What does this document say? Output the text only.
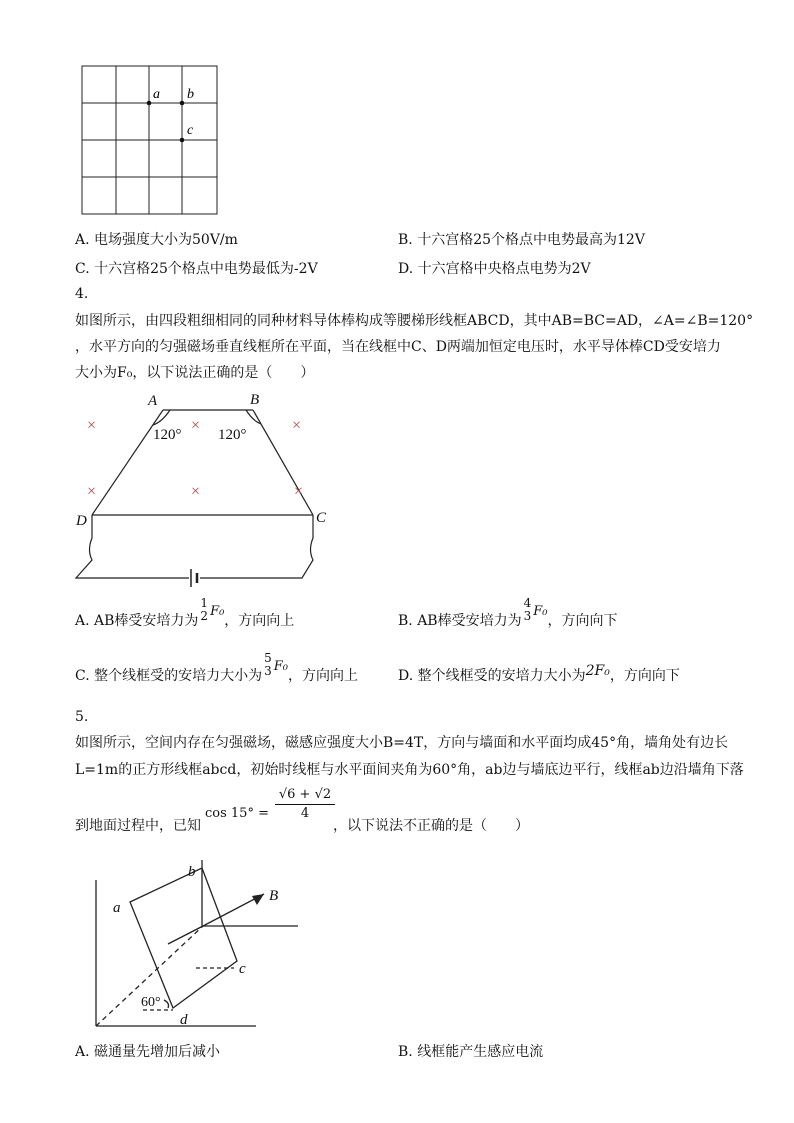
a b
c
A. 电场强度大小为50V/m	B. 十六宫格25个格点中电势最高为12V
C. 十六宫格25个格点中电势最低为-2V	D. 十六宫格中央格点电势为2V
4.
如图所示，由四段粗细相同的同种材料导体棒构成等腰梯形线框ABCD，其中AB=BC=AD，∠A=∠B=120°
，水平方向的匀强磁场垂直线框所在平面，当在线框中C、D两端加恒定电压时，水平导体棒CD受安培力
大小为F₀，以下说法正确的是（　　）
×	×	×
×	×	×
A	B
C
D
120° 120°
A. AB棒受安培力为
1
2 F₀，方向向上	B. AB棒受安培力为
4
3 F₀，方向向下
C. 整个线框受的安培力大小为
5
3 F₀，方向向上	D. 整个线框受的安培力大小为2F₀，方向向下
5.
如图所示，空间内存在匀强磁场，磁感应强度大小B=4T，方向与墙面和水平面均成45°角，墙角处有边长
L=1m的正方形线框abcd，初始时线框与水平面间夹角为60°角，ab边与墙底边平行，线框ab边沿墙角下落
到地面过程中，已知
$\cos 15^\circ = \frac{√6 + √2}{4}$
，以下说法不正确的是（　　）
a
b
c
d
B
60°
A. 磁通量先增加后减小	B. 线框能产生感应电流
